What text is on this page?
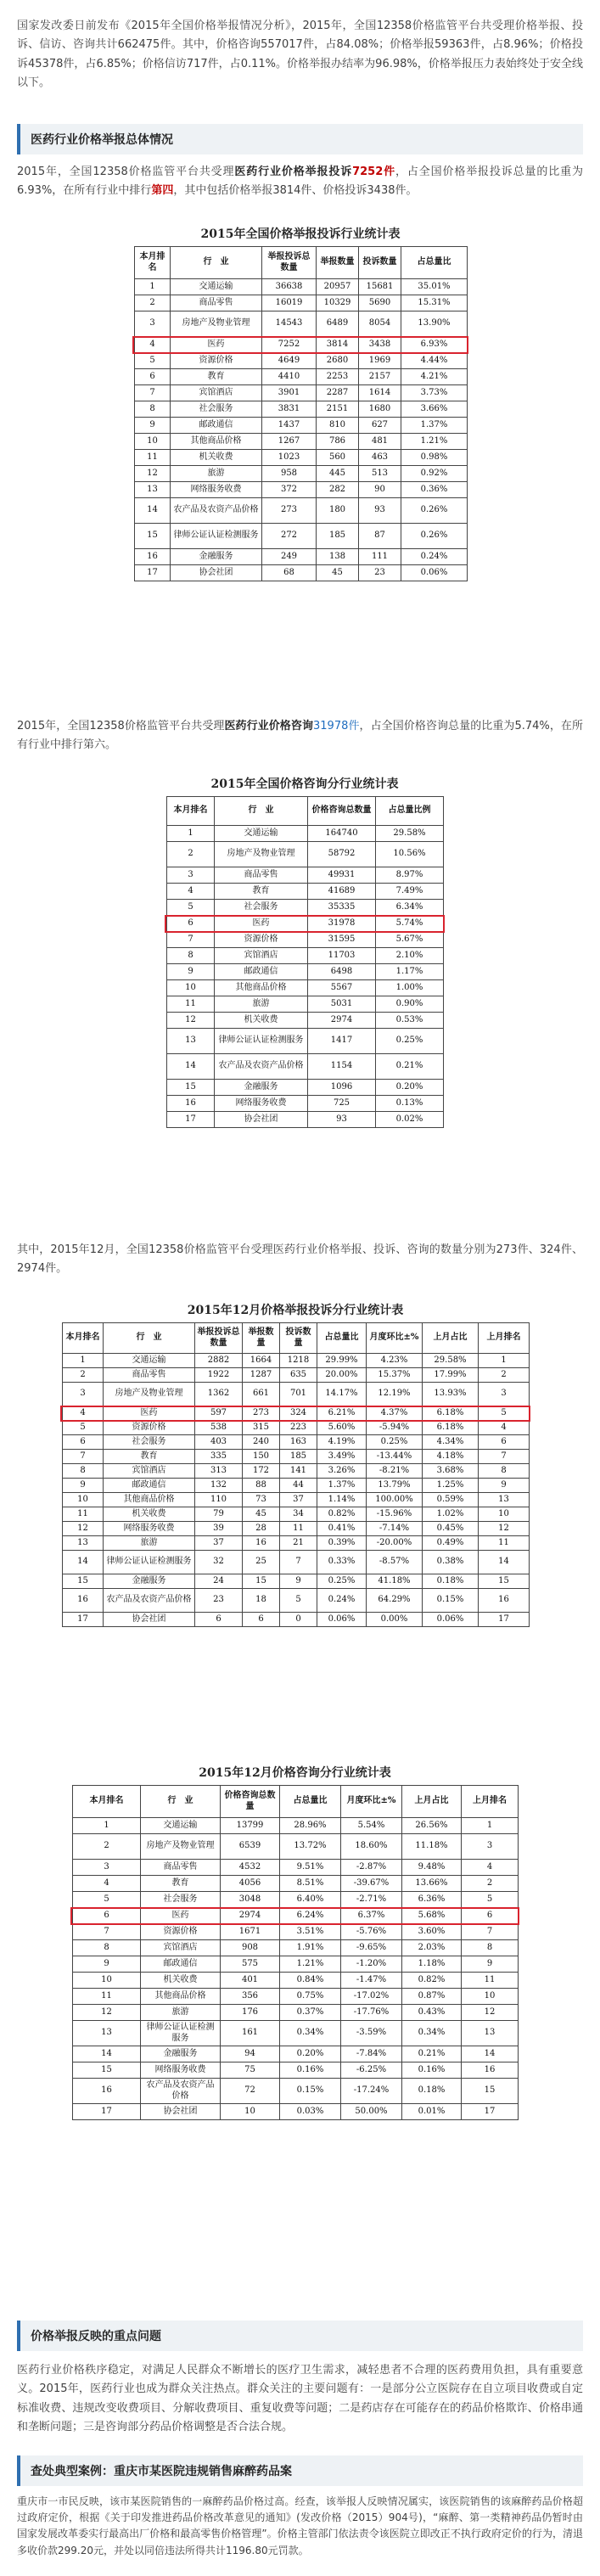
国家发改委日前发布《2015年全国价格举报情况分析》，2015年，全国12358价格监管平台共受理价格举报、投诉、信访、咨询共计662475件。其中，价格咨询557017件，占84.08%；价格举报59363件，占8.96%；价格投诉45378件，占6.85%；价格信访717件，占0.11%。价格举报办结率为96.98%，价格举报压力表始终处于安全线以下。
医药行业价格举报总体情况
2015年，全国12358价格监管平台共受理医药行业价格举报投诉7252件，占全国价格举报投诉总量的比重为6.93%，在所有行业中排行第四，其中包括价格举报3814件、价格投诉3438件。
2015年全国价格举报投诉行业统计表
本月排名	行　业	举报投诉总数量	举报数量	投诉数量	占总量比
1	交通运输	36638	20957	15681	35.01%
2	商品零售	16019	10329	5690	15.31%
3	房地产及物业管理	14543	6489	8054	13.90%
4	医药	7252	3814	3438	6.93%
5	资源价格	4649	2680	1969	4.44%
6	教育	4410	2253	2157	4.21%
7	宾馆酒店	3901	2287	1614	3.73%
8	社会服务	3831	2151	1680	3.66%
9	邮政通信	1437	810	627	1.37%
10	其他商品价格	1267	786	481	1.21%
11	机关收费	1023	560	463	0.98%
12	旅游	958	445	513	0.92%
13	网络服务收费	372	282	90	0.36%
14	农产品及农资产品价格	273	180	93	0.26%
15	律师公证认证检测服务	272	185	87	0.26%
16	金融服务	249	138	111	0.24%
17	协会社团	68	45	23	0.06%
2015年，全国12358价格监管平台共受理医药行业价格咨询31978件，占全国价格咨询总量的比重为5.74%，在所有行业中排行第六。
2015年全国价格咨询分行业统计表
本月排名	行　业	价格咨询总数量	占总量比例
1	交通运输	164740	29.58%
2	房地产及物业管理	58792	10.56%
3	商品零售	49931	8.97%
4	教育	41689	7.49%
5	社会服务	35335	6.34%
6	医药	31978	5.74%
7	资源价格	31595	5.67%
8	宾馆酒店	11703	2.10%
9	邮政通信	6498	1.17%
10	其他商品价格	5567	1.00%
11	旅游	5031	0.90%
12	机关收费	2974	0.53%
13	律师公证认证检测服务	1417	0.25%
14	农产品及农资产品价格	1154	0.21%
15	金融服务	1096	0.20%
16	网络服务收费	725	0.13%
17	协会社团	93	0.02%
其中，2015年12月，全国12358价格监管平台受理医药行业价格举报、投诉、咨询的数量分别为273件、324件、2974件。
2015年12月价格举报投诉分行业统计表
本月排名	行　业	举报投诉总数量	举报数量	投诉数量	占总量比	月度环比±%	上月占比	上月排名
1	交通运输	2882	1664	1218	29.99%	4.23%	29.58%	1
2	商品零售	1922	1287	635	20.00%	15.37%	17.99%	2
3	房地产及物业管理	1362	661	701	14.17%	12.19%	13.93%	3
4	医药	597	273	324	6.21%	4.37%	6.18%	5
5	资源价格	538	315	223	5.60%	-5.94%	6.18%	4
6	社会服务	403	240	163	4.19%	0.25%	4.34%	6
7	教育	335	150	185	3.49%	-13.44%	4.18%	7
8	宾馆酒店	313	172	141	3.26%	-8.21%	3.68%	8
9	邮政通信	132	88	44	1.37%	13.79%	1.25%	9
10	其他商品价格	110	73	37	1.14%	100.00%	0.59%	13
11	机关收费	79	45	34	0.82%	-15.96%	1.02%	10
12	网络服务收费	39	28	11	0.41%	-7.14%	0.45%	12
13	旅游	37	16	21	0.39%	-20.00%	0.49%	11
14	律师公证认证检测服务	32	25	7	0.33%	-8.57%	0.38%	14
15	金融服务	24	15	9	0.25%	41.18%	0.18%	15
16	农产品及农资产品价格	23	18	5	0.24%	64.29%	0.15%	16
17	协会社团	6	6	0	0.06%	0.00%	0.06%	17
2015年12月价格咨询分行业统计表
本月排名	行　业	价格咨询总数量	占总量比	月度环比±%	上月占比	上月排名
1	交通运输	13799	28.96%	5.54%	26.56%	1
2	房地产及物业管理	6539	13.72%	18.60%	11.18%	3
3	商品零售	4532	9.51%	-2.87%	9.48%	4
4	教育	4056	8.51%	-39.67%	13.66%	2
5	社会服务	3048	6.40%	-2.71%	6.36%	5
6	医药	2974	6.24%	6.37%	5.68%	6
7	资源价格	1671	3.51%	-5.76%	3.60%	7
8	宾馆酒店	908	1.91%	-9.65%	2.03%	8
9	邮政通信	575	1.21%	-1.20%	1.18%	9
10	机关收费	401	0.84%	-1.47%	0.82%	11
11	其他商品价格	356	0.75%	-17.02%	0.87%	10
12	旅游	176	0.37%	-17.76%	0.43%	12
13	律师公证认证检测服务	161	0.34%	-3.59%	0.34%	13
14	金融服务	94	0.20%	-7.84%	0.21%	14
15	网络服务收费	75	0.16%	-6.25%	0.16%	16
16	农产品及农资产品价格	72	0.15%	-17.24%	0.18%	15
17	协会社团	10	0.03%	50.00%	0.01%	17
价格举报反映的重点问题
医药行业价格秩序稳定，对满足人民群众不断增长的医疗卫生需求，减轻患者不合理的医药费用负担，具有重要意义。2015年，医药行业也成为群众关注热点。群众关注的主要问题有：一是部分公立医院存在自立项目收费或自定标准收费、违规改变收费项目、分解收费项目、重复收费等问题；二是药店存在可能存在的药品价格欺诈、价格串通和垄断问题；三是咨询部分药品价格调整是否合法合规。
查处典型案例：重庆市某医院违规销售麻醉药品案
重庆市一市民反映，该市某医院销售的一麻醉药品价格过高。经查，该举报人反映情况属实，该医院销售的该麻醉药品价格超过政府定价，根据《关于印发推进药品价格改革意见的通知》(发改价格（2015）904号)，“麻醉、第一类精神药品仍暂时由国家发展改革委实行最高出厂价格和最高零售价格管理”。价格主管部门依法责令该医院立即改正不执行政府定价的行为，清退多收价款299.20元，并处以同倍违法所得共计1196.80元罚款。
